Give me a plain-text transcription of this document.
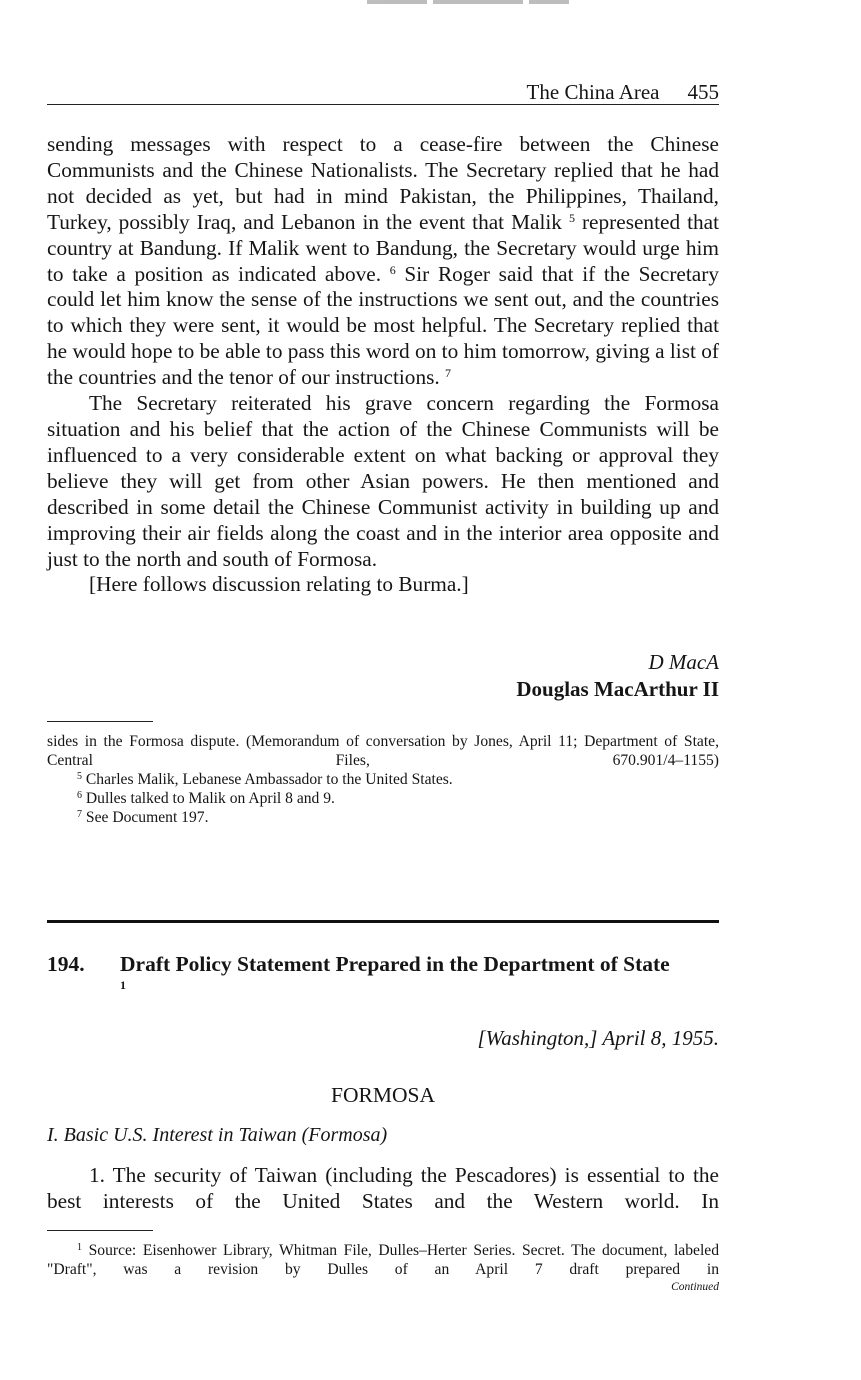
The China Area 455

sending messages with respect to a cease-fire between the Chinese Communists and the Chinese Nationalists. The Secretary replied that he had not decided as yet, but had in mind Pakistan, the Philippines, Thailand, Turkey, possibly Iraq, and Lebanon in the event that Malik $^5$ represented that country at Bandung. If Malik went to Bandung, the Secretary would urge him to take a position as indicated above. $^6$ Sir Roger said that if the Secretary could let him know the sense of the instructions we sent out, and the countries to which they were sent, it would be most helpful. The Secretary replied that he would hope to be able to pass this word on to him tomorrow, giving a list of the countries and the tenor of our instructions. $^7$

The Secretary reiterated his grave concern regarding the Formosa situation and his belief that the action of the Chinese Communists will be influenced to a very considerable extent on what backing or approval they believe they will get from other Asian powers. He then mentioned and described in some detail the Chinese Communist activity in building up and improving their air fields along the coast and in the interior area opposite and just to the north and south of Formosa.

[Here follows discussion relating to Burma.]

D MacA
Douglas MacArthur II

sides in the Formosa dispute. (Memorandum of conversation by Jones, April 11; Department of State, Central Files, 670.901/4–1155)

$^5$ Charles Malik, Lebanese Ambassador to the United States.

$^6$ Dulles talked to Malik on April 8 and 9.

$^7$ See Document 197.

194. Draft Policy Statement Prepared in the Department of State $^1$
[Washington,] April 8, 1955.
FORMOSA
I. Basic U.S. Interest in Taiwan (Formosa)

1. The security of Taiwan (including the Pescadores) is essential to the best interests of the United States and the Western world. In

$^1$ Source: Eisenhower Library, Whitman File, Dulles–Herter Series. Secret. The document, labeled "Draft", was a revision by Dulles of an April 7 draft prepared in

Continued
